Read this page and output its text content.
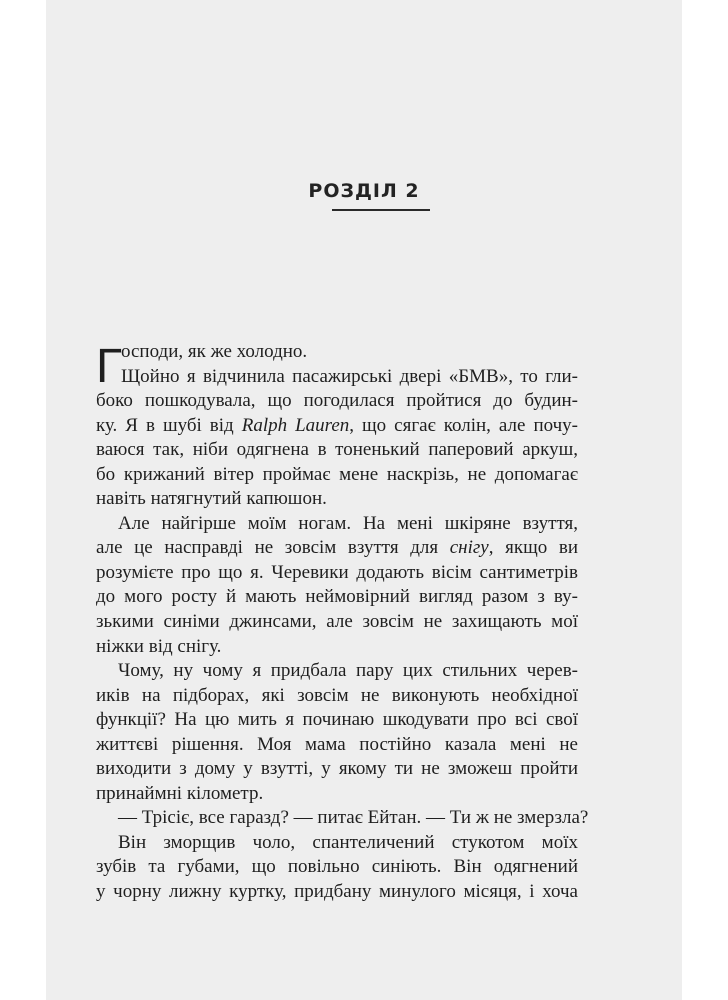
РОЗДІЛ 2
Г осподи, як же холодно.
Щойно я відчинила пасажирські двері «БМВ», то гли-
боко пошкодувала, що погодилася пройтися до будин-
ку. Я в шубі від Ralph Lauren, що сягає колін, але почу-
ваюся так, ніби одягнена в тоненький паперовий аркуш,
бо крижаний вітер проймає мене наскрізь, не допомагає
навіть натягнутий капюшон.
Але найгірше моїм ногам. На мені шкіряне взуття,
але це насправді не зовсім взуття для снігу, якщо ви
розумієте про що я. Черевики додають вісім сантиметрів
до мого росту й мають неймовірний вигляд разом з ву-
зькими синіми джинсами, але зовсім не захищають мої
ніжки від снігу.
Чому, ну чому я придбала пару цих стильних черев-
иків на підборах, які зовсім не виконують необхідної
функції? На цю мить я починаю шкодувати про всі свої
життєві рішення. Моя мама постійно казала мені не
виходити з дому у взутті, у якому ти не зможеш пройти
принаймні кілометр.
— Трісіє, все гаразд? — питає Ейтан. — Ти ж не змерзла?
Він зморщив чоло, спантеличений стукотом моїх
зубів та губами, що повільно синіють. Він одягнений
у чорну лижну куртку, придбану минулого місяця, і хоча
